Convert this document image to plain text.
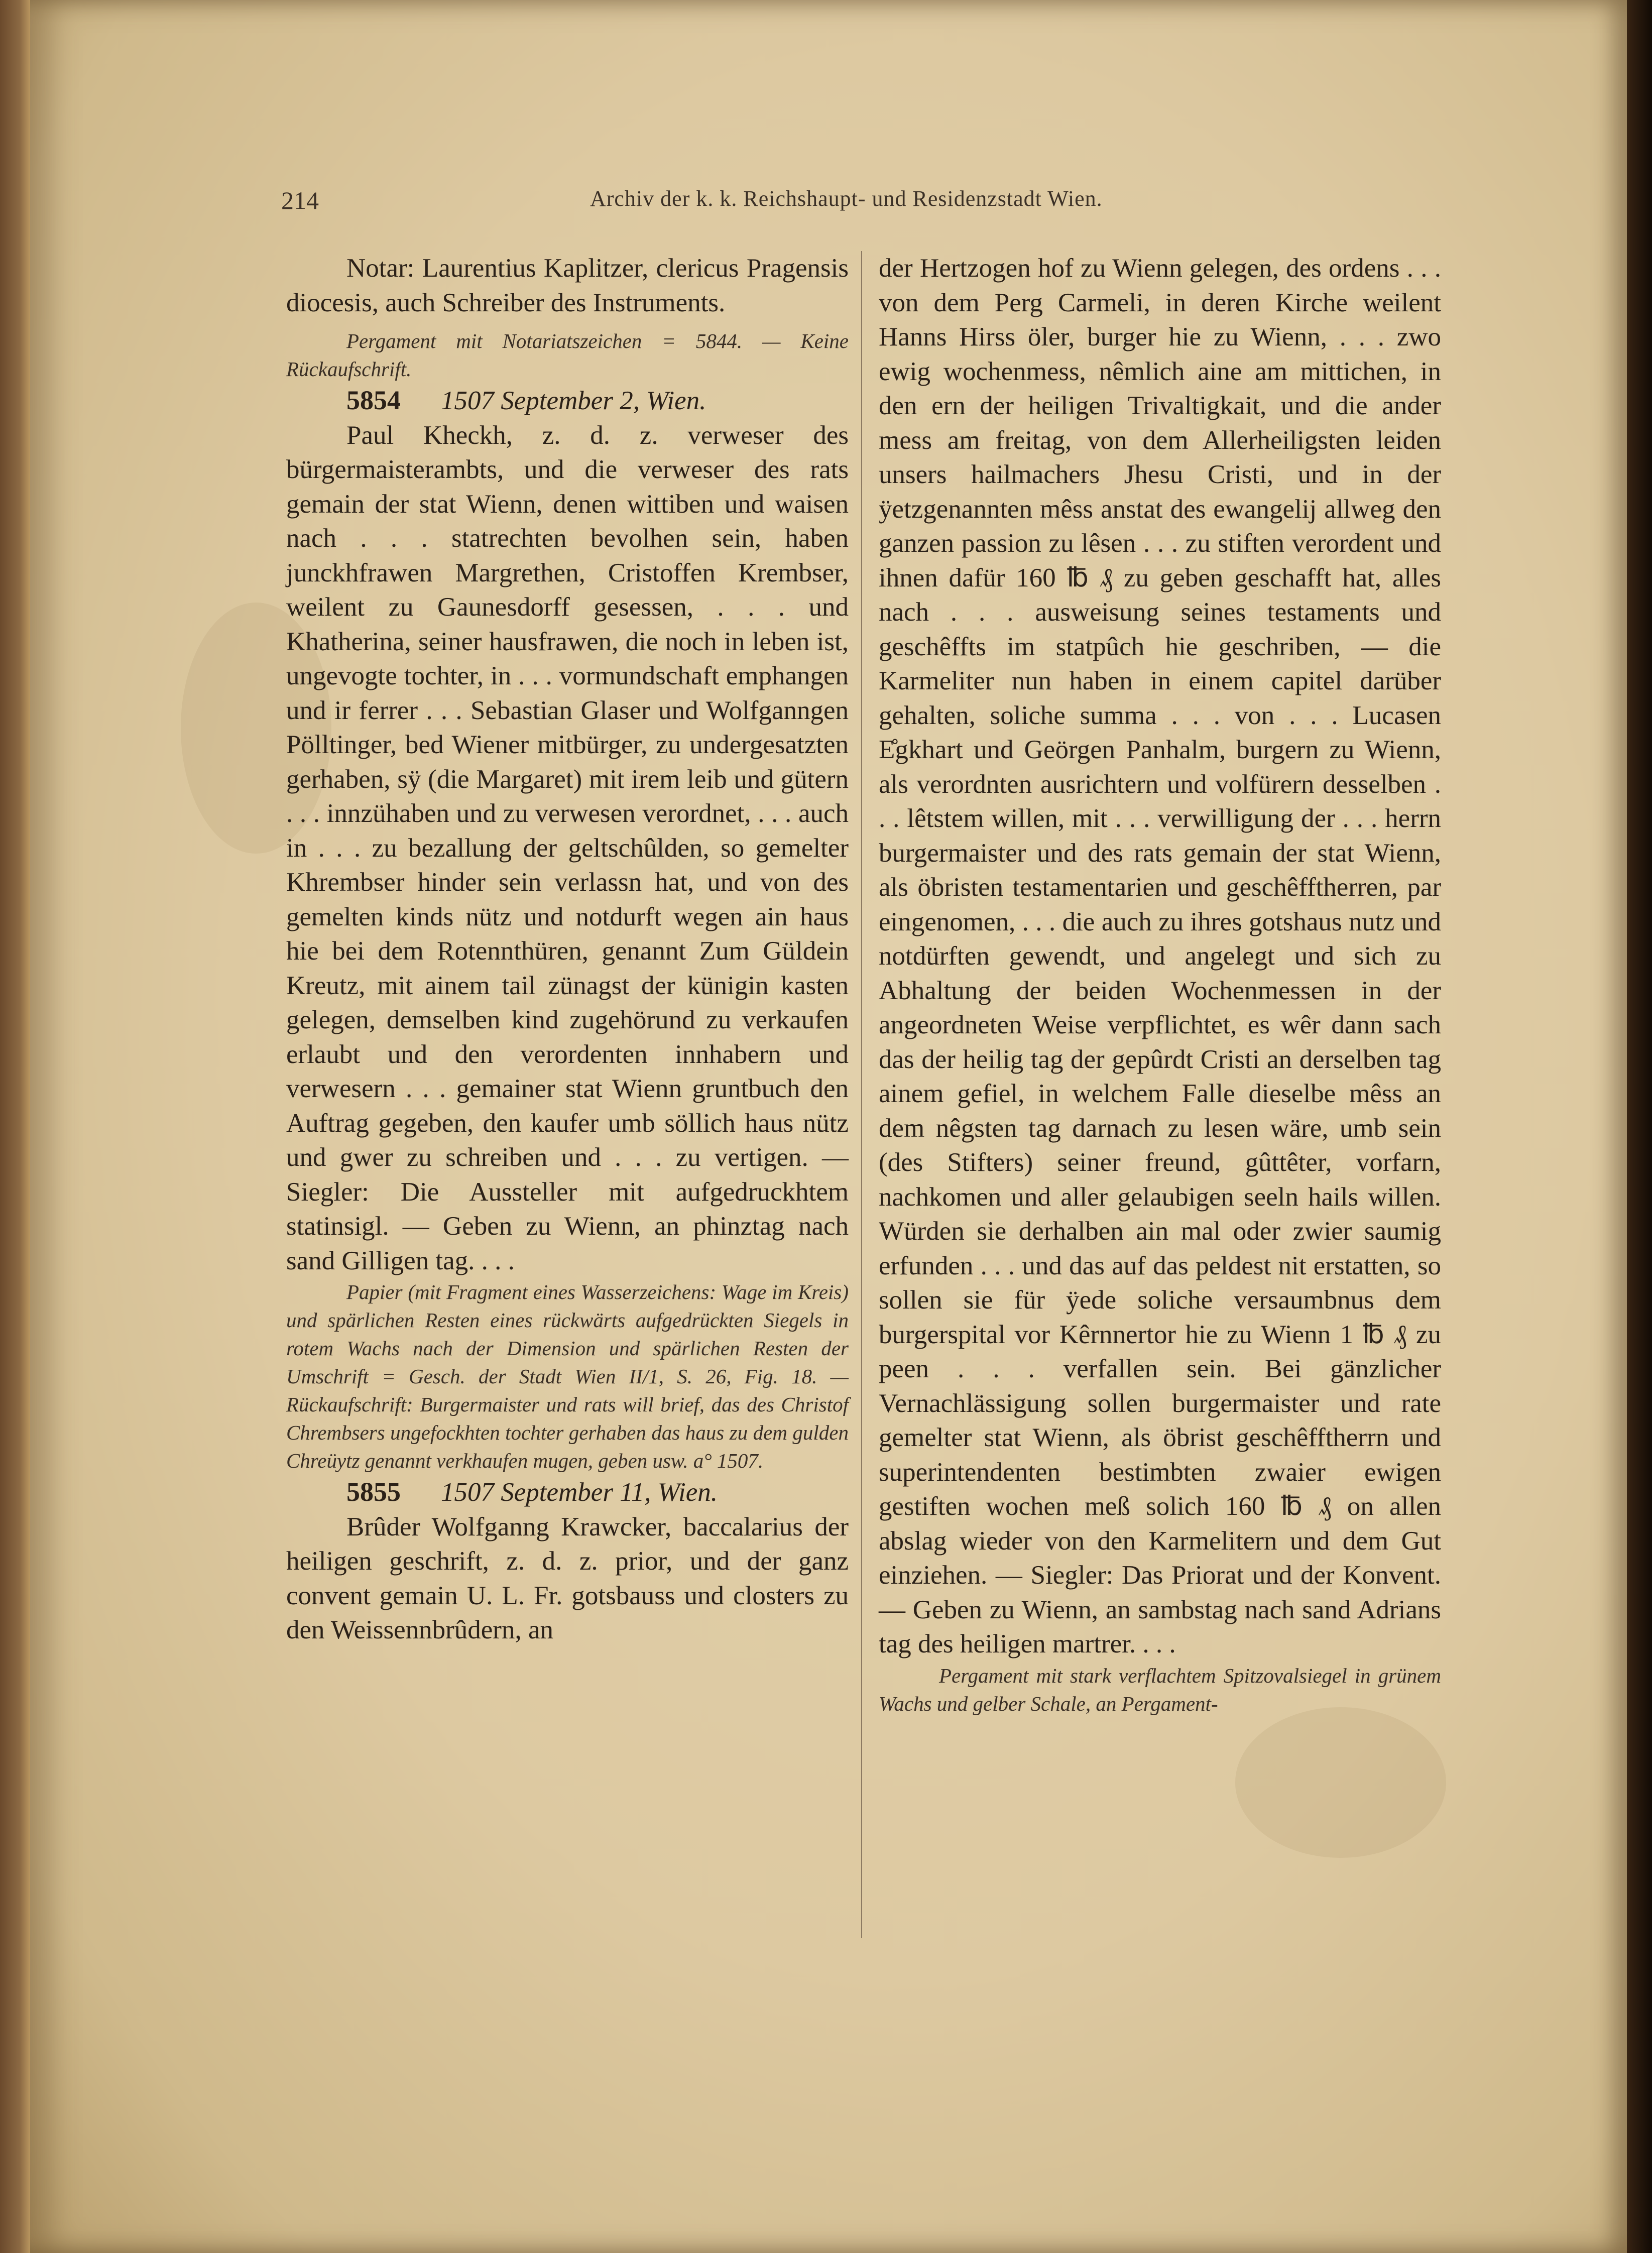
214	Archiv der k. k. Reichshaupt- und Residenzstadt Wien.

Notar: Laurentius Kaplitzer, clericus Pragensis diocesis, auch Schreiber des Instruments.

Pergament mit Notariatszeichen = 5844. — Keine Rückaufschrift.

5854 1507 September 2, Wien.

Paul Kheckh, z. d. z. verweser des bürgermaisterambts, und die verweser des rats gemain der stat Wienn, denen wittiben und waisen nach . . . statrechten bevolhen sein, haben junckhfrawen Margrethen, Cristoffen Krembser, weilent zu Gaunesdorff gesessen, . . . und Khatherina, seiner hausfrawen, die noch in leben ist, ungevogte tochter, in . . . vormundschaft emphangen und ir ferrer . . . Sebastian Glaser und Wolfganngen Pölltinger, bed Wiener mitbürger, zu undergesatzten gerhaben, sÿ (die Margaret) mit irem leib und gütern . . . innzühaben und zu verwesen verordnet, . . . auch in . . . zu bezallung der geltschûlden, so gemelter Khrembser hinder sein verlassn hat, und von des gemelten kinds nütz und notdurft wegen ain haus hie bei dem Rotennthüren, genannt Zum Güldein Kreutz, mit ainem tail zünagst der künigin kasten gelegen, demselben kind zugehörund zu verkaufen erlaubt und den verordenten innhabern und verwesern . . . gemainer stat Wienn gruntbuch den Auftrag gegeben, den kaufer umb söllich haus nütz und gwer zu schreiben und . . . zu vertigen. — Siegler: Die Aussteller mit aufgedruckhtem statinsigl. — Geben zu Wienn, an phinztag nach sand Gilligen tag. . . .

Papier (mit Fragment eines Wasserzeichens: Wage im Kreis) und spärlichen Resten eines rückwärts aufgedrückten Siegels in rotem Wachs nach der Dimension und spärlichen Resten der Umschrift = Gesch. der Stadt Wien II/1, S. 26, Fig. 18. — Rückaufschrift: Burgermaister und rats will brief, das des Christof Chrembsers ungefockhten tochter gerhaben das haus zu dem gulden Chreüytz genannt verkhaufen mugen, geben usw. a° 1507.

5855 1507 September 11, Wien.

Brûder Wolfganng Krawcker, baccalarius der heiligen geschrift, z. d. z. prior, und der ganz convent gemain U. L. Fr. gotsbauss und closters zu den Weissennbrûdern, an

der Hertzogen hof zu Wienn gelegen, des ordens . . . von dem Perg Carmeli, in deren Kirche weilent Hanns Hirss öler, burger hie zu Wienn, . . . zwo ewig wochenmess, nêmlich aine am mittichen, in den ern der heiligen Trivaltigkait, und die ander mess am freitag, von dem Allerheiligsten leiden unsers hailmachers Jhesu Cristi, und in der ÿetzgenannten mêss anstat des ewangelij allweg den ganzen passion zu lêsen . . . zu stiften verordent und ihnen dafür 160 ℔ ₰ zu geben geschafft hat, alles nach . . . ausweisung seines testaments und geschêffts im statpûch hie geschriben, — die Karmeliter nun haben in einem capitel darüber gehalten, soliche summa . . . von . . . Lucasen E̊gkhart und Geörgen Panhalm, burgern zu Wienn, als verordnten ausrichtern und volfürern desselben . . . lêtstem willen, mit . . . verwilligung der . . . herrn burgermaister und des rats gemain der stat Wienn, als öbristen testamentarien und geschêfftherren, par eingenomen, . . . die auch zu ihres gotshaus nutz und notdürften gewendt, und angelegt und sich zu Abhaltung der beiden Wochenmessen in der angeordneten Weise verpflichtet, es wêr dann sach das der heilig tag der gepûrdt Cristi an derselben tag ainem gefiel, in welchem Falle dieselbe mêss an dem nêgsten tag darnach zu lesen wäre, umb sein (des Stifters) seiner freund, gûttêter, vorfarn, nachkomen und aller gelaubigen seeln hails willen. Würden sie derhalben ain mal oder zwier saumig erfunden . . . und das auf das peldest nit erstatten, so sollen sie für ÿede soliche versaumbnus dem burgerspital vor Kêrnnertor hie zu Wienn 1 ℔ ₰ zu peen . . . verfallen sein. Bei gänzlicher Vernachlässigung sollen burgermaister und rate gemelter stat Wienn, als öbrist geschêfftherrn und superintendenten bestimbten zwaier ewigen gestiften wochen meß solich 160 ℔ ₰ on allen abslag wieder von den Karmelitern und dem Gut einziehen. — Siegler: Das Priorat und der Konvent. — Geben zu Wienn, an sambstag nach sand Adrians tag des heiligen martrer. . . .

Pergament mit stark verflachtem Spitzovalsiegel in grünem Wachs und gelber Schale, an Pergament-
